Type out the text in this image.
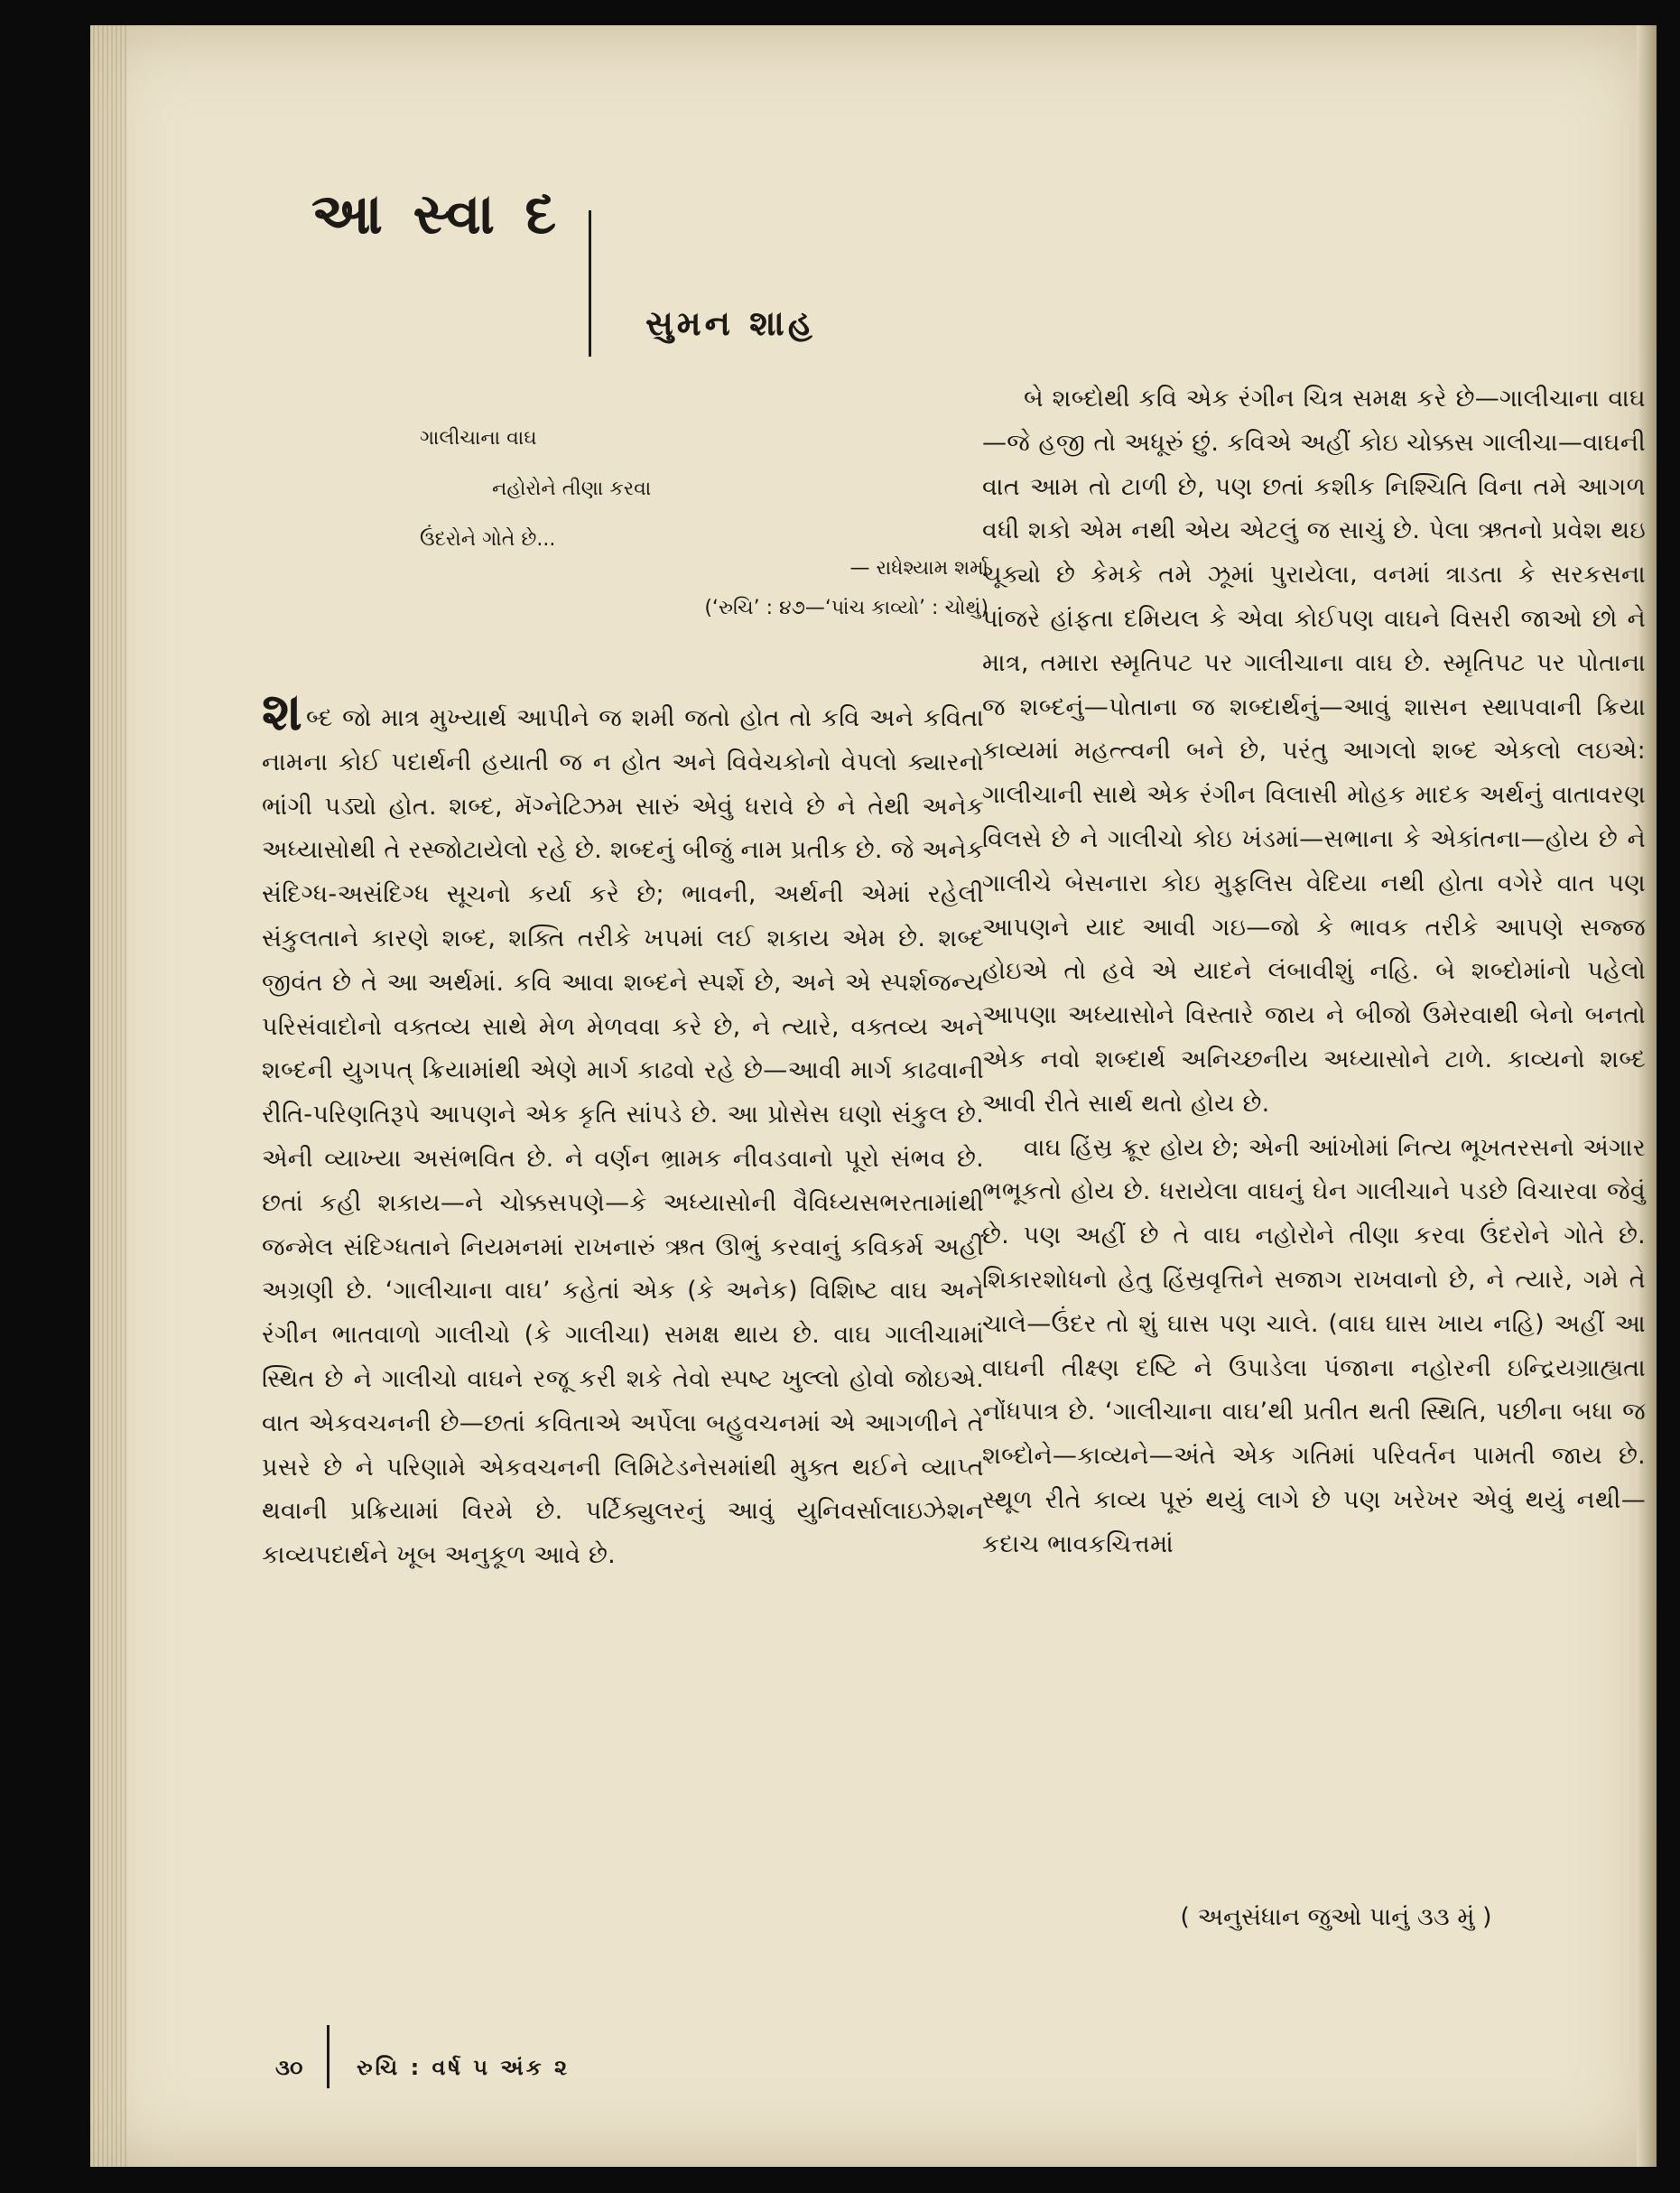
આ સ્વા દ
સુમન શાહ
ગાલીચાના વાઘ
નહોરોને તીણા કરવા
ઉંદરોને ગોતે છે...
— રાધેશ્યામ શર્મા
(‘રુચિ’ : ૪૭—‘પાંચ કાવ્યો’ : ચોથું)

શબ્દ જો માત્ર મુખ્યાર્થ આપીને જ શમી જતો હોત તો કવિ અને કવિતા નામના કોઈ પદાર્થની હયાતી જ ન હોત અને વિવેચકોનો વેપલો ક્યારનો ભાંગી પડ્યો હોત. શબ્દ, મૅગ્નેટિઝમ સારું એવું ધરાવે છે ને તેથી અનેક અધ્યાસોથી તે રસ્જોટાયેલો રહે છે. શબ્દનું બીજું નામ પ્રતીક છે. જે અનેક સંદિગ્ધ-અસંદિગ્ધ સૂચનો કર્યા કરે છે; ભાવની, અર્થની એમાં રહેલી સંકુલતાને કારણે શબ્દ, શક્તિ તરીકે ખપમાં લઈ શકાય એમ છે. શબ્દ જીવંત છે તે આ અર્થમાં. કવિ આવા શબ્દને સ્પર્શે છે, અને એ સ્પર્શજન્ય પરિસંવાદોનો વક્તવ્ય સાથે મેળ મેળવવા કરે છે, ને ત્યારે, વક્તવ્ય અને શબ્દની યુગપત્ ક્રિયામાંથી એણે માર્ગ કાઢવો રહે છે—આવી માર્ગ કાઢવાની રીતિ-પરિણતિરૂપે આપણને એક કૃતિ સાંપડે છે. આ પ્રોસેસ ઘણો સંકુલ છે. એની વ્યાખ્યા અસંભવિત છે. ને વર્ણન ભ્રામક નીવડવાનો પૂરો સંભવ છે. છતાં કહી શકાય—ને ચોક્કસપણે—કે અધ્યાસોની વૈવિધ્યસભરતામાંથી જન્મેલ સંદિગ્ધતાને નિયમનમાં રાખનારું ઋત ઊભું કરવાનું કવિકર્મ અહીં અગ્રણી છે. ‘ગાલીચાના વાઘ’ કહેતાં એક (કે અનેક) વિશિષ્ટ વાઘ અને રંગીન ભાતવાળો ગાલીચો (કે ગાલીચા) સમક્ષ થાય છે. વાઘ ગાલીચામાં સ્થિત છે ને ગાલીચો વાઘને રજૂ કરી શકે તેવો સ્પષ્ટ ખુલ્લો હોવો જોઇએ. વાત એકવચનની છે—છતાં કવિતાએ અર્પેલા બહુવચનમાં એ આગળીને તે પ્રસરે છે ને પરિણામે એકવચનની લિમિટેડનેસમાંથી મુક્ત થઈને વ્યાપ્ત થવાની પ્રક્રિયામાં વિરમે છે. પર્ટિક્યુલરનું આવું યુનિવર્સાલાઇઝેશન કાવ્યપદાર્થને ખૂબ અનુકૂળ આવે છે.

બે શબ્દોથી કવિ એક રંગીન ચિત્ર સમક્ષ કરે છે—ગાલીચાના વાઘ—જે હજી તો અધૂરું છું. કવિએ અહીં કોઇ ચોક્કસ ગાલીચા—વાઘની વાત આમ તો ટાળી છે, પણ છતાં કશીક નિશ્ચિતિ વિના તમે આગળ વધી શકો એમ નથી એય એટલું જ સાચું છે. પેલા ઋતનો પ્રવેશ થઇ ચૂક્યો છે કેમકે તમે ઝૂમાં પુરાયેલા, વનમાં ત્રાડતા કે સરકસના પાંજરે હાંફતા દમિયલ કે એવા કોઈપણ વાઘને વિસરી જાઓ છો ને માત્ર, તમારા સ્મૃતિપટ પર ગાલીચાના વાઘ છે. સ્મૃતિપટ પર પોતાના જ શબ્દનું—પોતાના જ શબ્દાર્થનું—આવું શાસન સ્થાપવાની ક્રિયા કાવ્યમાં મહત્ત્વની બને છે, પરંતુ આગલો શબ્દ એકલો લઇએ: ગાલીચાની સાથે એક રંગીન વિલાસી મોહક માદક અર્થનું વાતાવરણ વિલસે છે ને ગાલીચો કોઇ ખંડમાં—સભાના કે એકાંતના—હોય છે ને ગાલીચે બેસનારા કોઇ મુફલિસ વેદિયા નથી હોતા વગેરે વાત પણ આપણને યાદ આવી ગઇ—જો કે ભાવક તરીકે આપણે સજ્જ હોઇએ તો હવે એ યાદને લંબાવીશું નહિ. બે શબ્દોમાંનો પહેલો આપણા અધ્યાસોને વિસ્તારે જાય ને બીજો ઉમેરવાથી બેનો બનતો એક નવો શબ્દાર્થ અનિચ્છનીય અધ્યાસોને ટાળે. કાવ્યનો શબ્દ આવી રીતે સાર્થ થતો હોય છે.

વાઘ હિંસ્ર ક્રૂર હોય છે; એની આંખોમાં નિત્ય ભૂખતરસનો અંગાર ભભૂકતો હોય છે. ધરાયેલા વાઘનું ઘેન ગાલીચાને પડછે વિચારવા જેવું છે. પણ અહીં છે તે વાઘ નહોરોને તીણા કરવા ઉંદરોને ગોતે છે. શિકારશોધનો હેતુ હિંસ્રવૃત્તિને સજાગ રાખવાનો છે, ને ત્યારે, ગમે તે ચાલે—ઉંદર તો શું ઘાસ પણ ચાલે. (વાઘ ઘાસ ખાય નહિ) અહીં આ વાઘની તીક્ષ્ણ દષ્ટિ ને ઉપાડેલા પંજાના નહોરની ઇન્દ્રિયગ્રાહ્યતા નોંધપાત્ર છે. ‘ગાલીચાના વાઘ’થી પ્રતીત થતી સ્થિતિ, પછીના બધા જ શબ્દોને—કાવ્યને—અંતે એક ગતિમાં પરિવર્તન પામતી જાય છે. સ્થૂળ રીતે કાવ્ય પૂરું થયું લાગે છે પણ ખરેખર એવું થયું નથી—કદાચ ભાવકચિત્તમાં

( અનુસંધાન જુઓ પાનું ૩૩ મું )
૩૦ રુચિ : વર્ષ ૫ અંક ૨
